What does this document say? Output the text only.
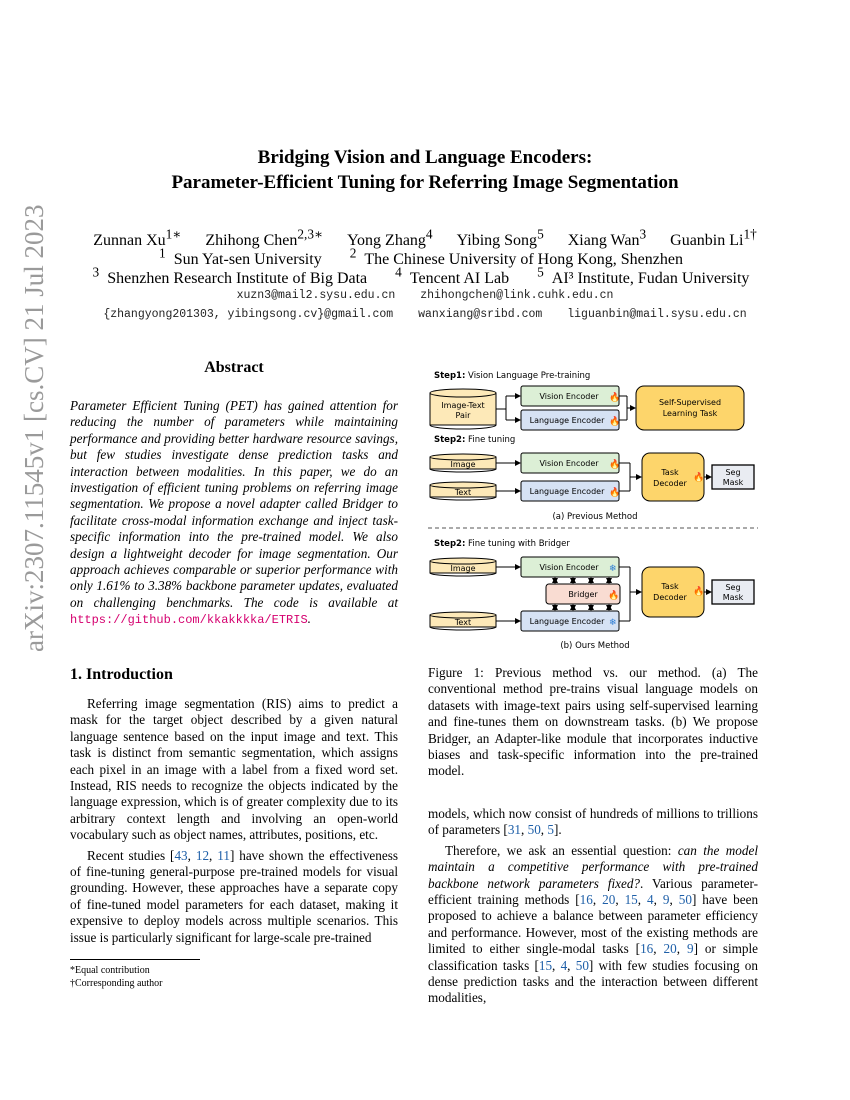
arXiv:2307.11545v1 [cs.CV] 21 Jul 2023
Bridging Vision and Language Encoders:
Parameter-Efficient Tuning for Referring Image Segmentation
Zunnan $Xu^{1∗}$ Zhihong Chen$^{2,3∗}$ Yong Zhang$^4$ Yibing Song$^5$ Xiang Wan$^3$ Guanbin $Li^{1\dagger}$
$^1$ Sun Yat-sen University $^2$ The Chinese University of Hong Kong, Shenzhen
$^3$ Shenzhen Research Institute of Big Data $^4$ Tencent AI Lab $^5$ AI³ Institute, Fudan University
xuzn3@mail2.sysu.edu.cn zhihongchen@link.cuhk.edu.cn
{zhangyong201303, yibingsong.cv}@gmail.com wanxiang@sribd.com liguanbin@mail.sysu.edu.cn
Abstract
Parameter Efficient Tuning (PET) has gained attention for reducing the number of parameters while maintaining performance and providing better hardware resource savings, but few studies investigate dense prediction tasks and interaction between modalities. In this paper, we do an investigation of efficient tuning problems on referring image segmentation. We propose a novel adapter called Bridger to facilitate cross-modal information exchange and inject task-specific information into the pre-trained model. We also design a lightweight decoder for image segmentation. Our approach achieves comparable or superior performance with only 1.61% to 3.38% backbone parameter updates, evaluated on challenging benchmarks. The code is available at https://github.com/kkakkkka/ETRIS.
1. Introduction

Referring image segmentation (RIS) aims to predict a mask for the target object described by a given natural language sentence based on the input image and text. This task is distinct from semantic segmentation, which assigns each pixel in an image with a label from a fixed word set. Instead, RIS needs to recognize the objects indicated by the language expression, which is of greater complexity due to its arbitrary context length and involving an open-world vocabulary such as object names, attributes, positions, etc.

Recent studies [43, 12, 11] have shown the effectiveness of fine-tuning general-purpose pre-trained models for visual grounding. However, these approaches have a separate copy of fine-tuned model parameters for each dataset, making it expensive to deploy models across multiple scenarios. This issue is particularly significant for large-scale pre-trained

*Equal contribution
†Corresponding author
Step1: Vision Language Pre-training
Image-Text
Pair
Vision Encoder 🔥
Language Encoder 🔥
Self-Supervised
Learning Task
Step2: Fine tuning
Image
Text
Vision Encoder 🔥
Language Encoder 🔥
Task
Decoder
🔥
Seg
Mask
(a) Previous Method
Step2: Fine tuning with Bridger
Image
Text
Vision Encoder ❄
Bridger 🔥
Language Encoder ❄
Task
Decoder
🔥	Seg
Mask
(b) Ours Method
Figure 1: Previous method vs. our method. (a) The conventional method pre-trains visual language models on datasets with image-text pairs using self-supervised learning and fine-tunes them on downstream tasks. (b) We propose Bridger, an Adapter-like module that incorporates inductive biases and task-specific information into the pre-trained model.

models, which now consist of hundreds of millions to trillions of parameters [31, 50, 5].

Therefore, we ask an essential question: can the model maintain a competitive performance with pre-trained backbone network parameters fixed?. Various parameter-efficient training methods [16, 20, 15, 4, 9, 50] have been proposed to achieve a balance between parameter efficiency and performance. However, most of the existing methods are limited to either single-modal tasks [16, 20, 9] or simple classification tasks [15, 4, 50] with few studies focusing on dense prediction tasks and the interaction between different modalities,
